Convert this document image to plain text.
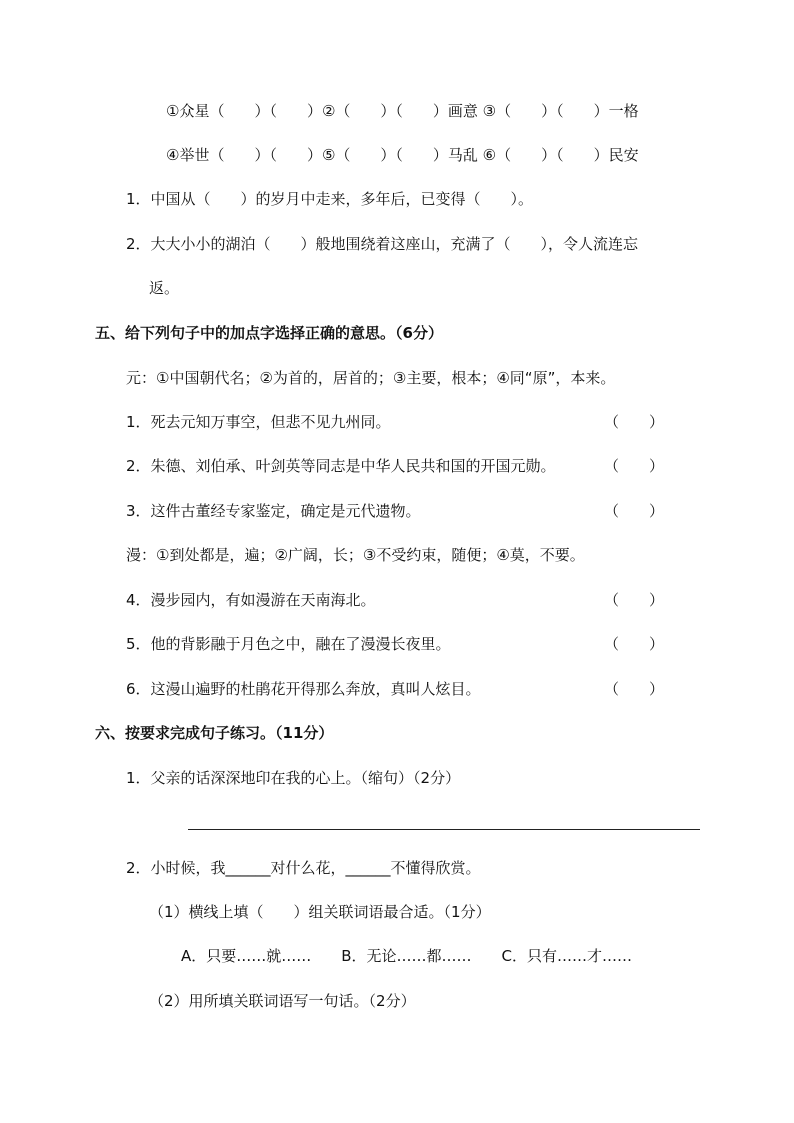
①众星（　　）（　　）②（　　）（　　）画意 ③（　　）（　　）一格
④举世（　　）（　　）⑤（　　）（　　）马乱 ⑥（　　）（　　）民安
1．中国从（　　）的岁月中走来，多年后，已变得（　　）。
2．大大小小的湖泊（　　）般地围绕着这座山，充满了（　　），令人流连忘
返。
五、给下列句子中的加点字选择正确的意思。（6分）
元：①中国朝代名；②为首的，居首的；③主要，根本；④同“原”，本来。
1．死去元知万事空，但悲不见九州同。	（　　）
2．朱德、刘伯承、叶剑英等同志是中华人民共和国的开国元勋。	（　　）
3．这件古董经专家鉴定，确定是元代遗物。	（　　）
漫：①到处都是，遍；②广阔，长；③不受约束，随便；④莫，不要。
4．漫步园内，有如漫游在天南海北。	（　　）
5．他的背影融于月色之中，融在了漫漫长夜里。	（　　）
6．这漫山遍野的杜鹃花开得那么奔放，真叫人炫目。	（　　）
六、按要求完成句子练习。（11分）
1．父亲的话深深地印在我的心上。（缩句）（2分）
2．小时候，我______对什么花，______不懂得欣赏。
（1）横线上填（　　）组关联词语最合适。（1分）
A．只要……就……　　B．无论……都……　　C．只有……才……
（2）用所填关联词语写一句话。（2分）
